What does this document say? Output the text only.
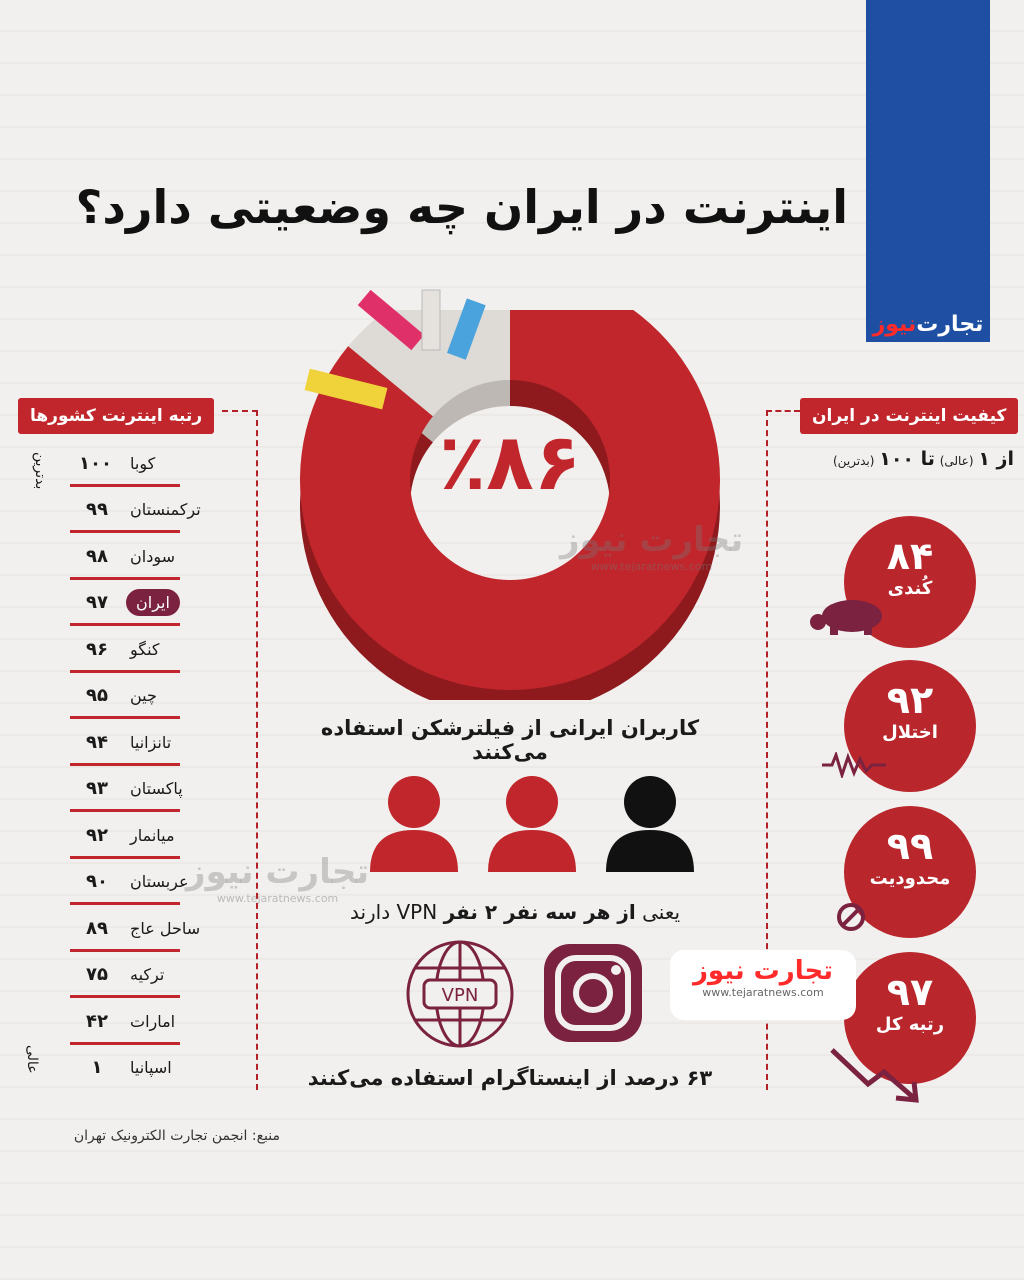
تجارت
نیوز
اینترنت در ایران چه وضعیتی دارد؟
رتبه اینترنت کشورها
بدترین
عالی
۱۰۰ کوبا
۹۹ ترکمنستان
۹۸ سودان
۹۷	ایران
۹۶ کنگو
۹۵ چین
۹۴ تانزانیا
۹۳ پاکستان
۹۲ میانمار
۹۰ عربستان
۸۹ ساحل عاج
۷۵ ترکیه
۴۲ امارات
۱	اسپانیا
کیفیت اینترنت در ایران
از ۱ (عالی) تا ۱۰۰ (بدترین)
۸۴
کُندی
۹۲
اختلال
۹۹
محدودیت
۹۷
رتبه کل
٪۸۶
کاربران ایرانی از فیلترشکن استفاده می‌کنند
یعنی از هر سه نفر ۲ نفر VPN دارند
VPN
تجارت نیوز
www.tejaratnews.com
۶۳ درصد از اینستاگرام استفاده می‌کنند
منبع: انجمن تجارت الکترونیک تهران
تجارت نیوز
www.tejaratnews.com
تجارت نیوز
www.tejaratnews.com
